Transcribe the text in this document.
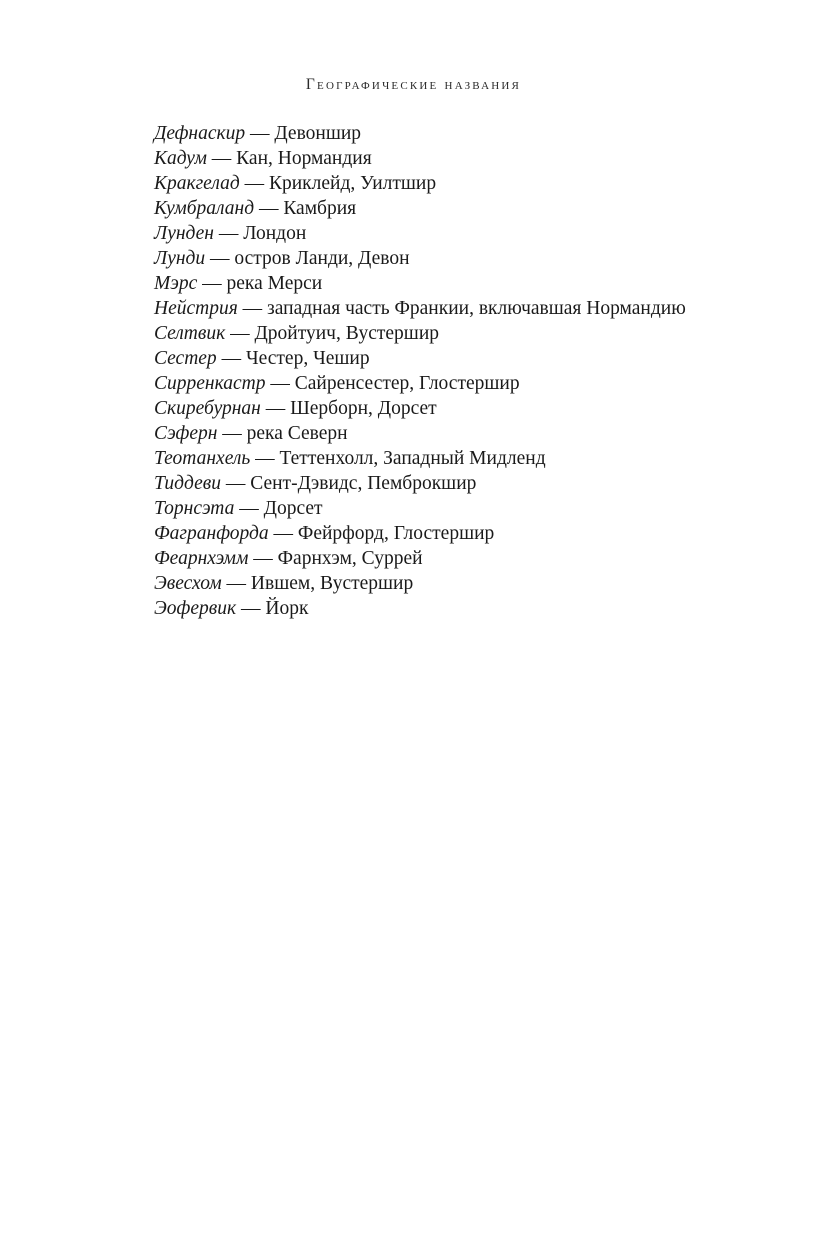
Географические названия
Дефнаскир — Девоншир
Кадум — Кан, Нормандия
Кракгелад — Криклейд, Уилтшир
Кумбраланд — Камбрия
Лунден — Лондон
Лунди — остров Ланди, Девон
Мэрс — река Мерси
Нейстрия — западная часть Франкии, включавшая Нормандию
Селтвик — Дройтуич, Вустершир
Сестер — Честер, Чешир
Сирренкастр — Сайренсестер, Глостершир
Скиребурнан — Шерборн, Дорсет
Сэферн — река Северн
Теотанхель — Теттенхолл, Западный Мидленд
Тиддеви — Сент-Дэвидс, Пемброкшир
Торнсэта — Дорсет
Фагранфорда — Фейрфорд, Глостершир
Феарнхэмм — Фарнхэм, Суррей
Эвесхом — Ившем, Вустершир
Эофервик — Йорк
